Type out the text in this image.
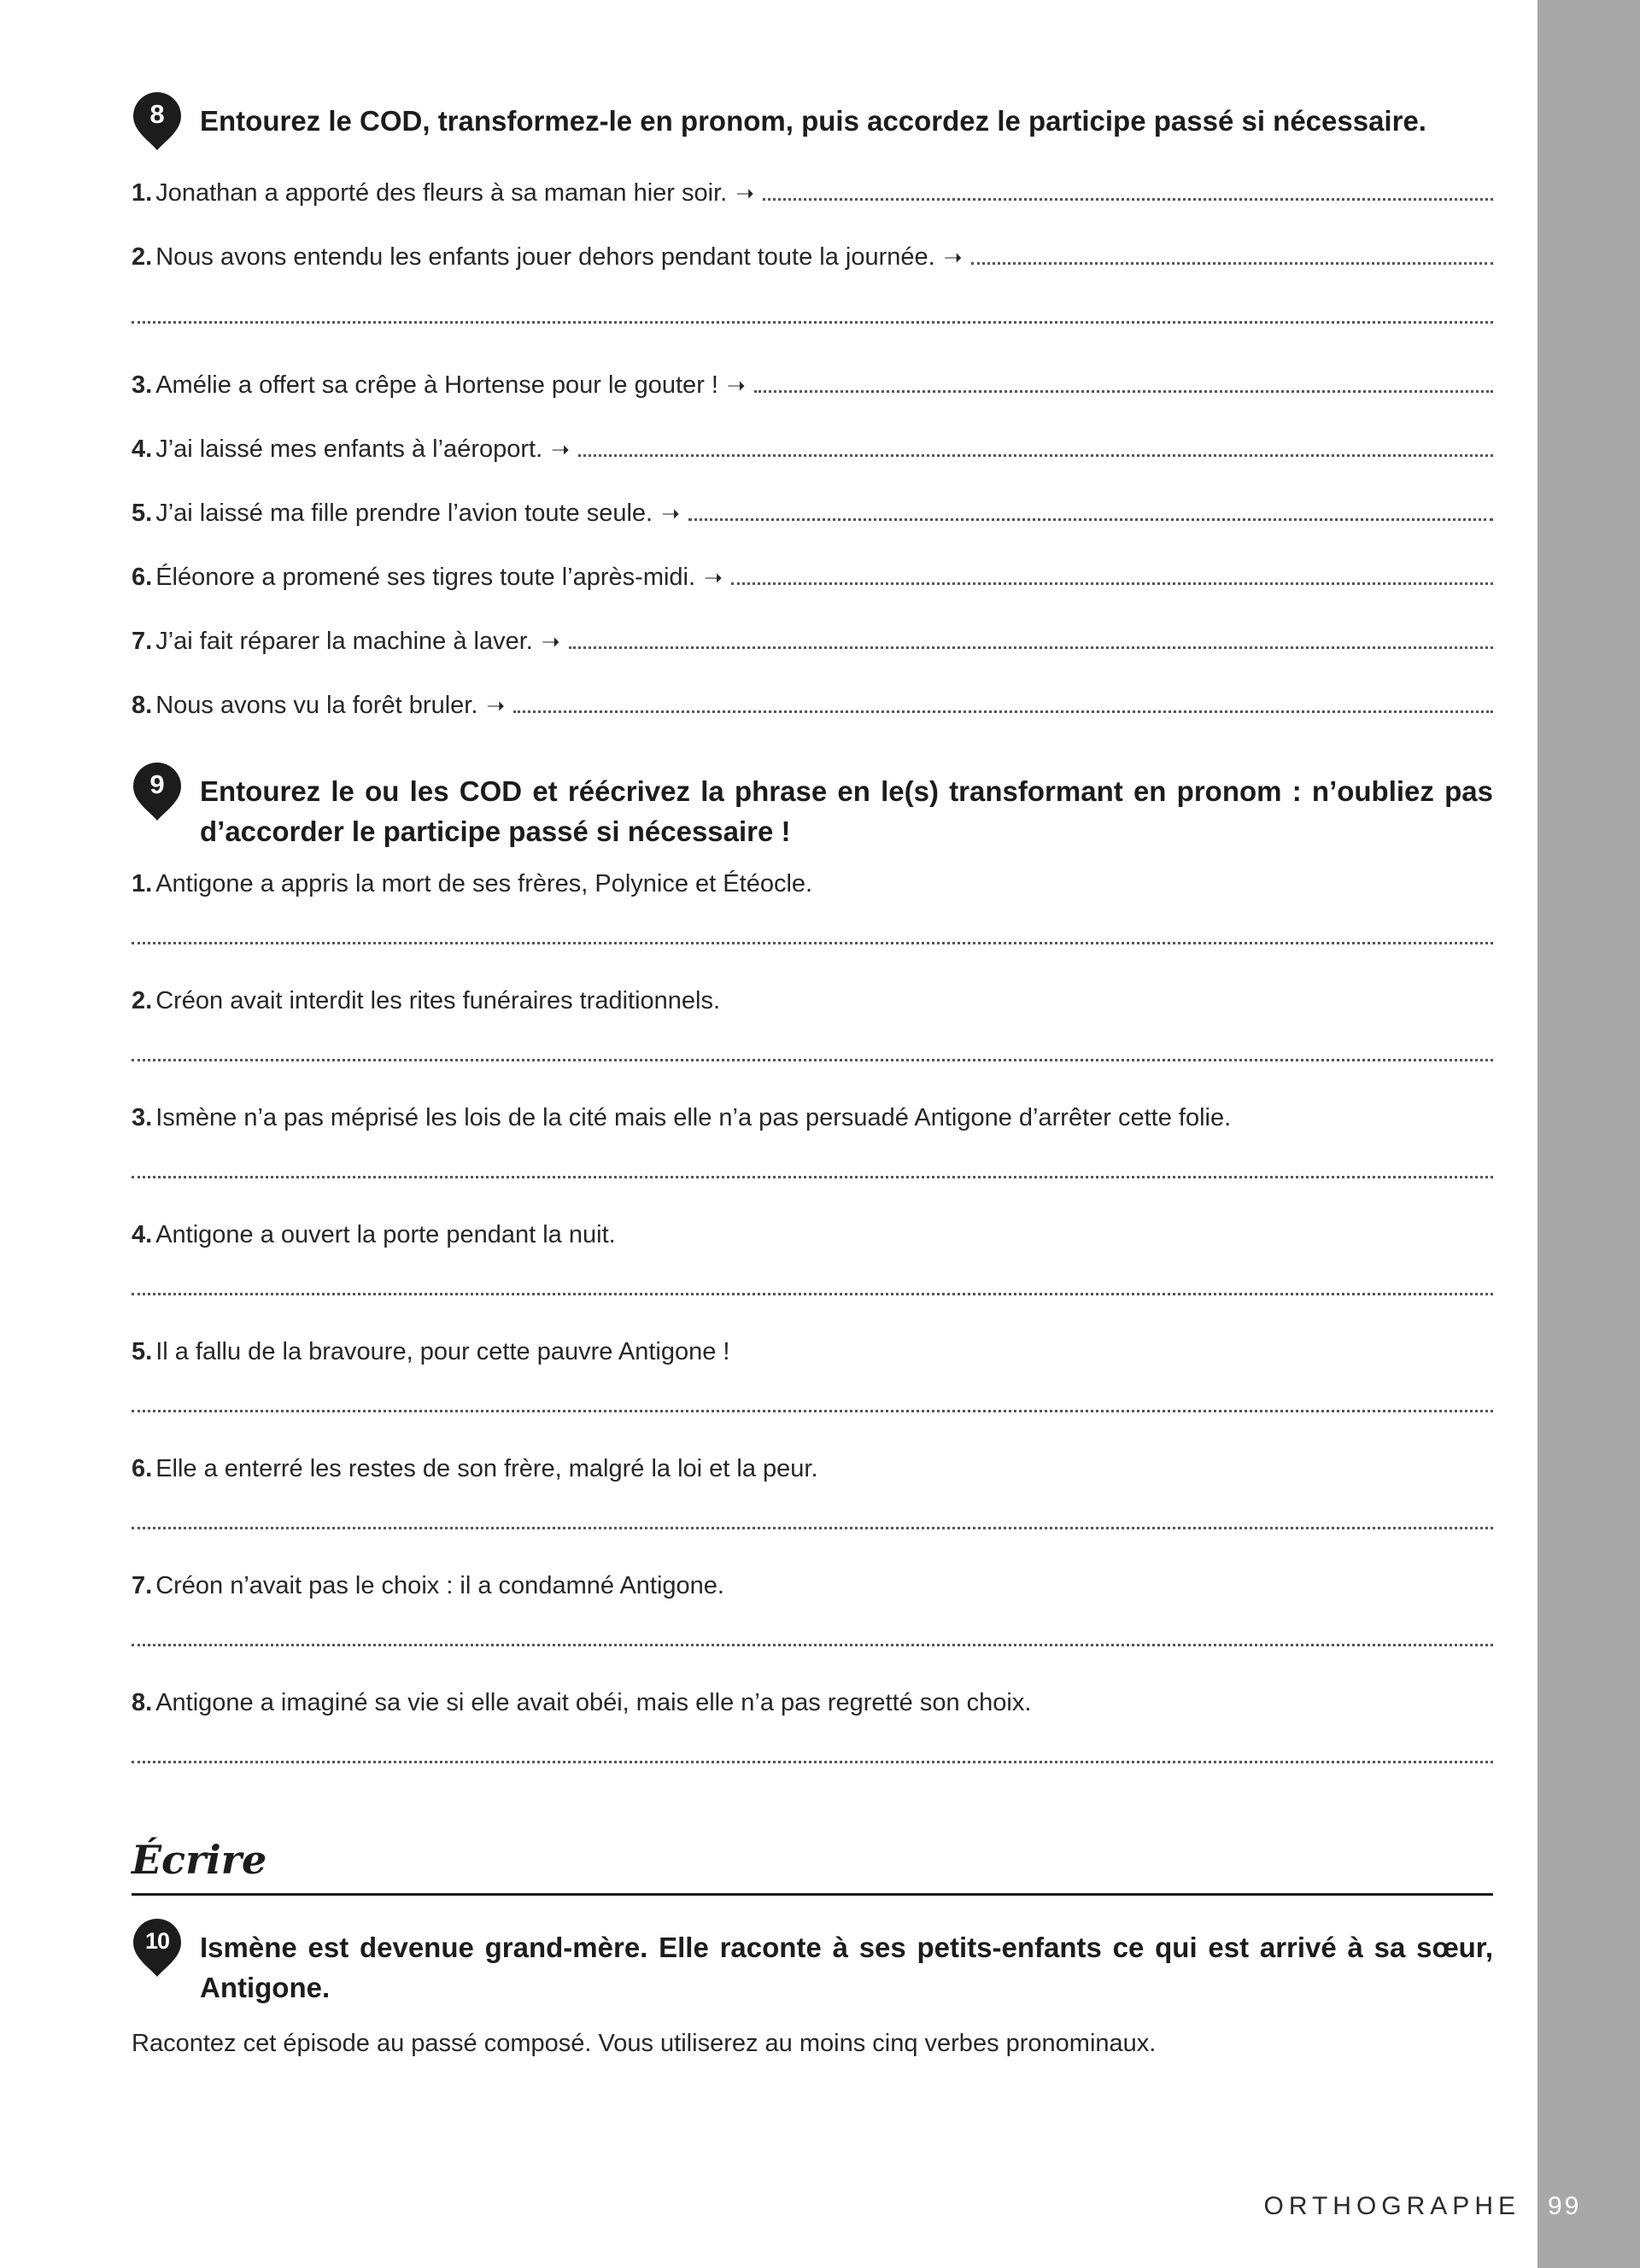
8	Entourez le COD, transformez-le en pronom, puis accordez le participe passé si nécessaire.
1. Jonathan a apporté des fleurs à sa maman hier soir. ➝
2. Nous avons entendu les enfants jouer dehors pendant toute la journée. ➝
3. Amélie a offert sa crêpe à Hortense pour le gouter ! ➝
4. J’ai laissé mes enfants à l’aéroport. ➝
5. J’ai laissé ma fille prendre l’avion toute seule. ➝
6. Éléonore a promené ses tigres toute l’après-midi. ➝
7. J’ai fait réparer la machine à laver. ➝
8. Nous avons vu la forêt bruler. ➝
9	Entourez le ou les COD et réécrivez la phrase en le(s) transformant en pronom : n’oubliez pas d’accorder le participe passé si nécessaire !
1. Antigone a appris la mort de ses frères, Polynice et Étéocle.
2. Créon avait interdit les rites funéraires traditionnels.
3. Ismène n’a pas méprisé les lois de la cité mais elle n’a pas persuadé Antigone d’arrêter cette folie.
4. Antigone a ouvert la porte pendant la nuit.
5. Il a fallu de la bravoure, pour cette pauvre Antigone !
6. Elle a enterré les restes de son frère, malgré la loi et la peur.
7. Créon n’avait pas le choix : il a condamné Antigone.
8. Antigone a imaginé sa vie si elle avait obéi, mais elle n’a pas regretté son choix.
Écrire
10	Ismène est devenue grand-mère. Elle raconte à ses petits-enfants ce qui est arrivé à sa sœur, Antigone.
Racontez cet épisode au passé composé. Vous utiliserez au moins cinq verbes pronominaux.
ORTHOGRAPHE 99
